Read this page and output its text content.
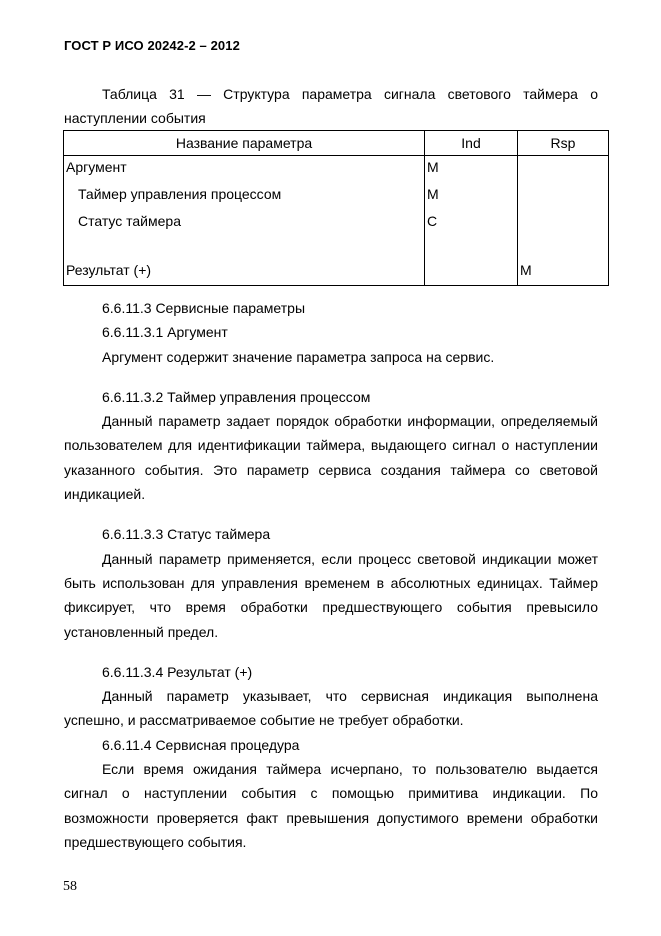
ГОСТ Р ИСО 20242-2 – 2012
Таблица 31 — Структура параметра сигнала светового таймера о
наступлении события
Название параметра	Ind	Rsp
Аргумент	M	
Таймер управления процессом	M	
Статус таймера	C	

Результат (+)		M

6.6.11.3 Сервисные параметры

6.6.11.3.1 Аргумент

Аргумент содержит значение параметра запроса на сервис.

6.6.11.3.2 Таймер управления процессом

Данный параметр задает порядок обработки информации, определяемый пользователем для идентификации таймера, выдающего сигнал о наступлении указанного события. Это параметр сервиса создания таймера со световой индикацией.

6.6.11.3.3 Статус таймера

Данный параметр применяется, если процесс световой индикации может быть использован для управления временем в абсолютных единицах. Таймер фиксирует, что время обработки предшествующего события превысило установленный предел.

6.6.11.3.4 Результат (+)

Данный параметр указывает, что сервисная индикация выполнена успешно, и рассматриваемое событие не требует обработки.

6.6.11.4 Сервисная процедура

Если время ожидания таймера исчерпано, то пользователю выдается сигнал о наступлении события с помощью примитива индикации. По возможности проверяется факт превышения допустимого времени обработки предшествующего события.

58
